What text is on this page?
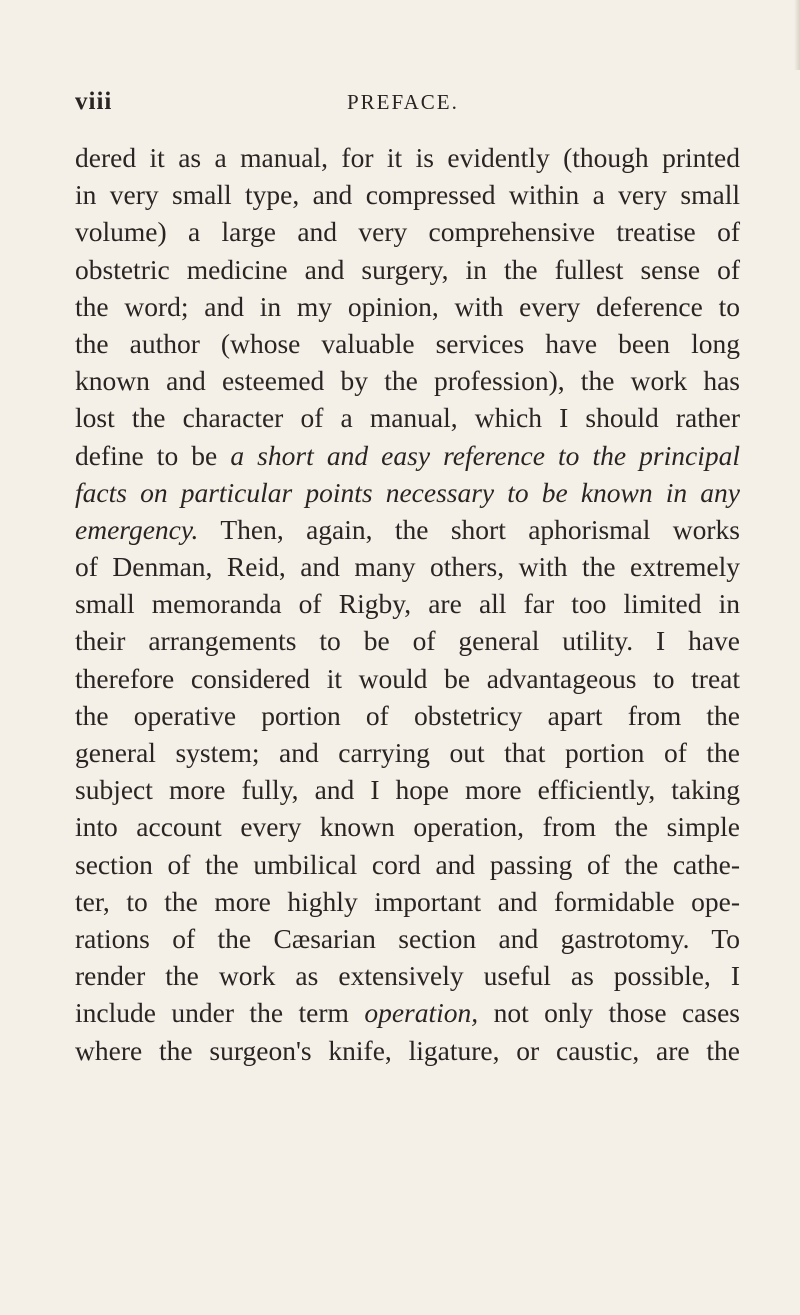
viii	PREFACE.
dered it as a manual, for it is evidently (though printed
in very small type, and compressed within a very small
volume) a large and very comprehensive treatise of
obstetric medicine and surgery, in the fullest sense of
the word; and in my opinion, with every deference to
the author (whose valuable services have been long
known and esteemed by the profession), the work has
lost the character of a manual, which I should rather
define to be a short and easy reference to the principal
facts on particular points necessary to be known in any
emergency. Then, again, the short aphorismal works
of Denman, Reid, and many others, with the extremely
small memoranda of Rigby, are all far too limited in
their arrangements to be of general utility. I have
therefore considered it would be advantageous to treat
the operative portion of obstetricy apart from the
general system; and carrying out that portion of the
subject more fully, and I hope more efficiently, taking
into account every known operation, from the simple
section of the umbilical cord and passing of the cathe-
ter, to the more highly important and formidable ope-
rations of the Cæsarian section and gastrotomy. To
render the work as extensively useful as possible, I
include under the term operation, not only those cases
where the surgeon's knife, ligature, or caustic, are the
